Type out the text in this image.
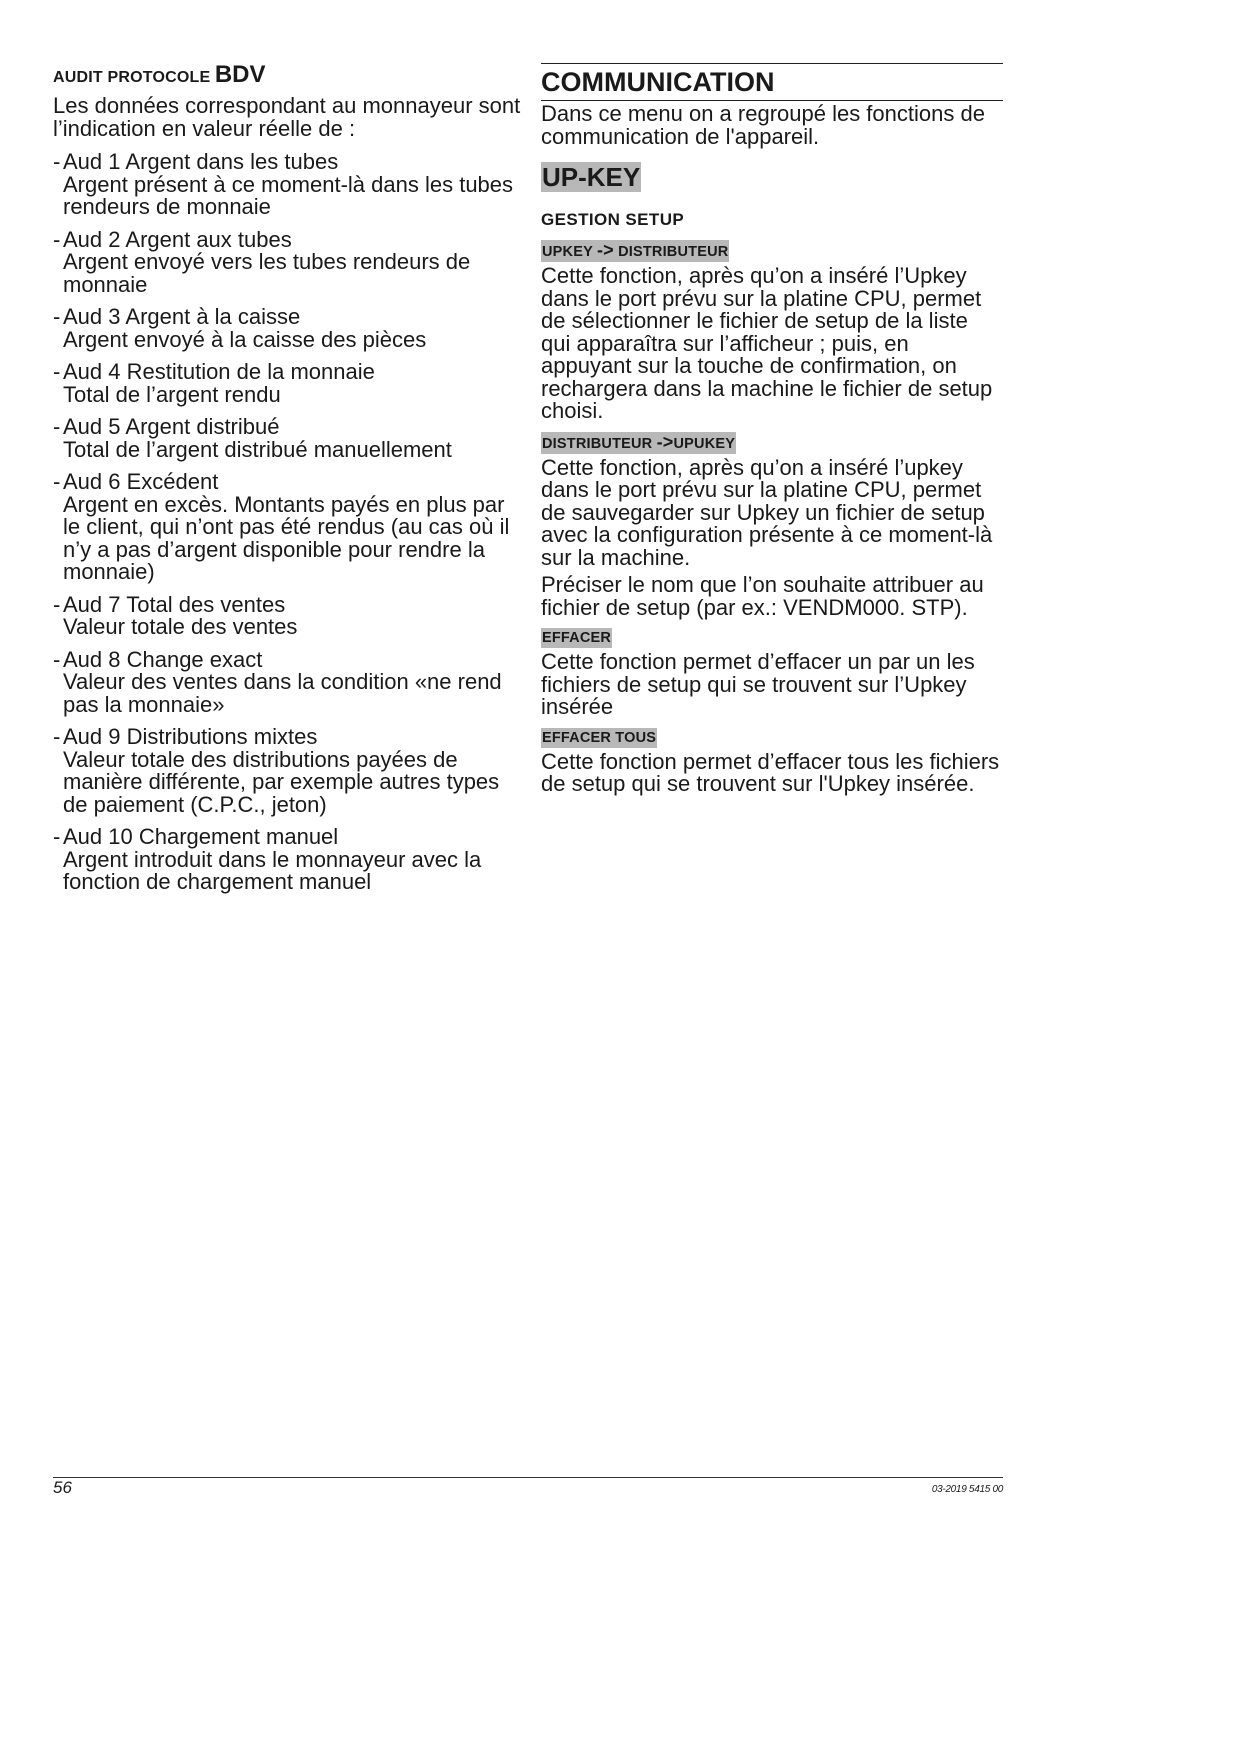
AUDIT PROTOCOLE BDV

Les données correspondant au monnayeur sont l’indication en valeur réelle de :

- Aud 1 Argent dans les tubes
Argent présent à ce moment-là dans les tubes rendeurs de monnaie
- Aud 2 Argent aux tubes
Argent envoyé vers les tubes rendeurs de monnaie
- Aud 3 Argent à la caisse
Argent envoyé à la caisse des pièces
- Aud 4 Restitution de la monnaie
Total de l’argent rendu
- Aud 5 Argent distribué
Total de l’argent distribué manuellement
- Aud 6 Excédent
Argent en excès. Montants payés en plus par le client, qui n’ont pas été rendus (au cas où il n’y a pas d’argent disponible pour rendre la monnaie)
- Aud 7 Total des ventes
Valeur totale des ventes
- Aud 8 Change exact
Valeur des ventes dans la condition «ne rend pas la monnaie»
- Aud 9 Distributions mixtes
Valeur totale des distributions payées de manière différente, par exemple autres types de paiement (C.P.C., jeton)
- Aud 10 Chargement manuel
Argent introduit dans le monnayeur avec la fonction de chargement manuel
COMMUNICATION

Dans ce menu on a regroupé les fonctions de communication de l'appareil.

UP-KEY
GESTION SETUP
UPKEY -> DISTRIBUTEUR

Cette fonction, après qu’on a inséré l’Upkey dans le port prévu sur la platine CPU, permet de sélectionner le fichier de setup de la liste qui apparaîtra sur l’afficheur ; puis, en appuyant sur la touche de confirmation, on rechargera dans la machine le fichier de setup choisi.

DISTRIBUTEUR ->UPUKEY

Cette fonction, après qu’on a inséré l’upkey dans le port prévu sur la platine CPU, permet de sauvegarder sur Upkey un fichier de setup avec la configuration présente à ce moment-là sur la machine.

Préciser le nom que l’on souhaite attribuer au fichier de setup (par ex.: VENDM000. STP).

EFFACER

Cette fonction permet d’effacer un par un les fichiers de setup qui se trouvent sur l’Upkey insérée

EFFACER TOUS

Cette fonction permet d’effacer tous les fichiers de setup qui se trouvent sur l'Upkey insérée.

56	03-2019 5415 00
